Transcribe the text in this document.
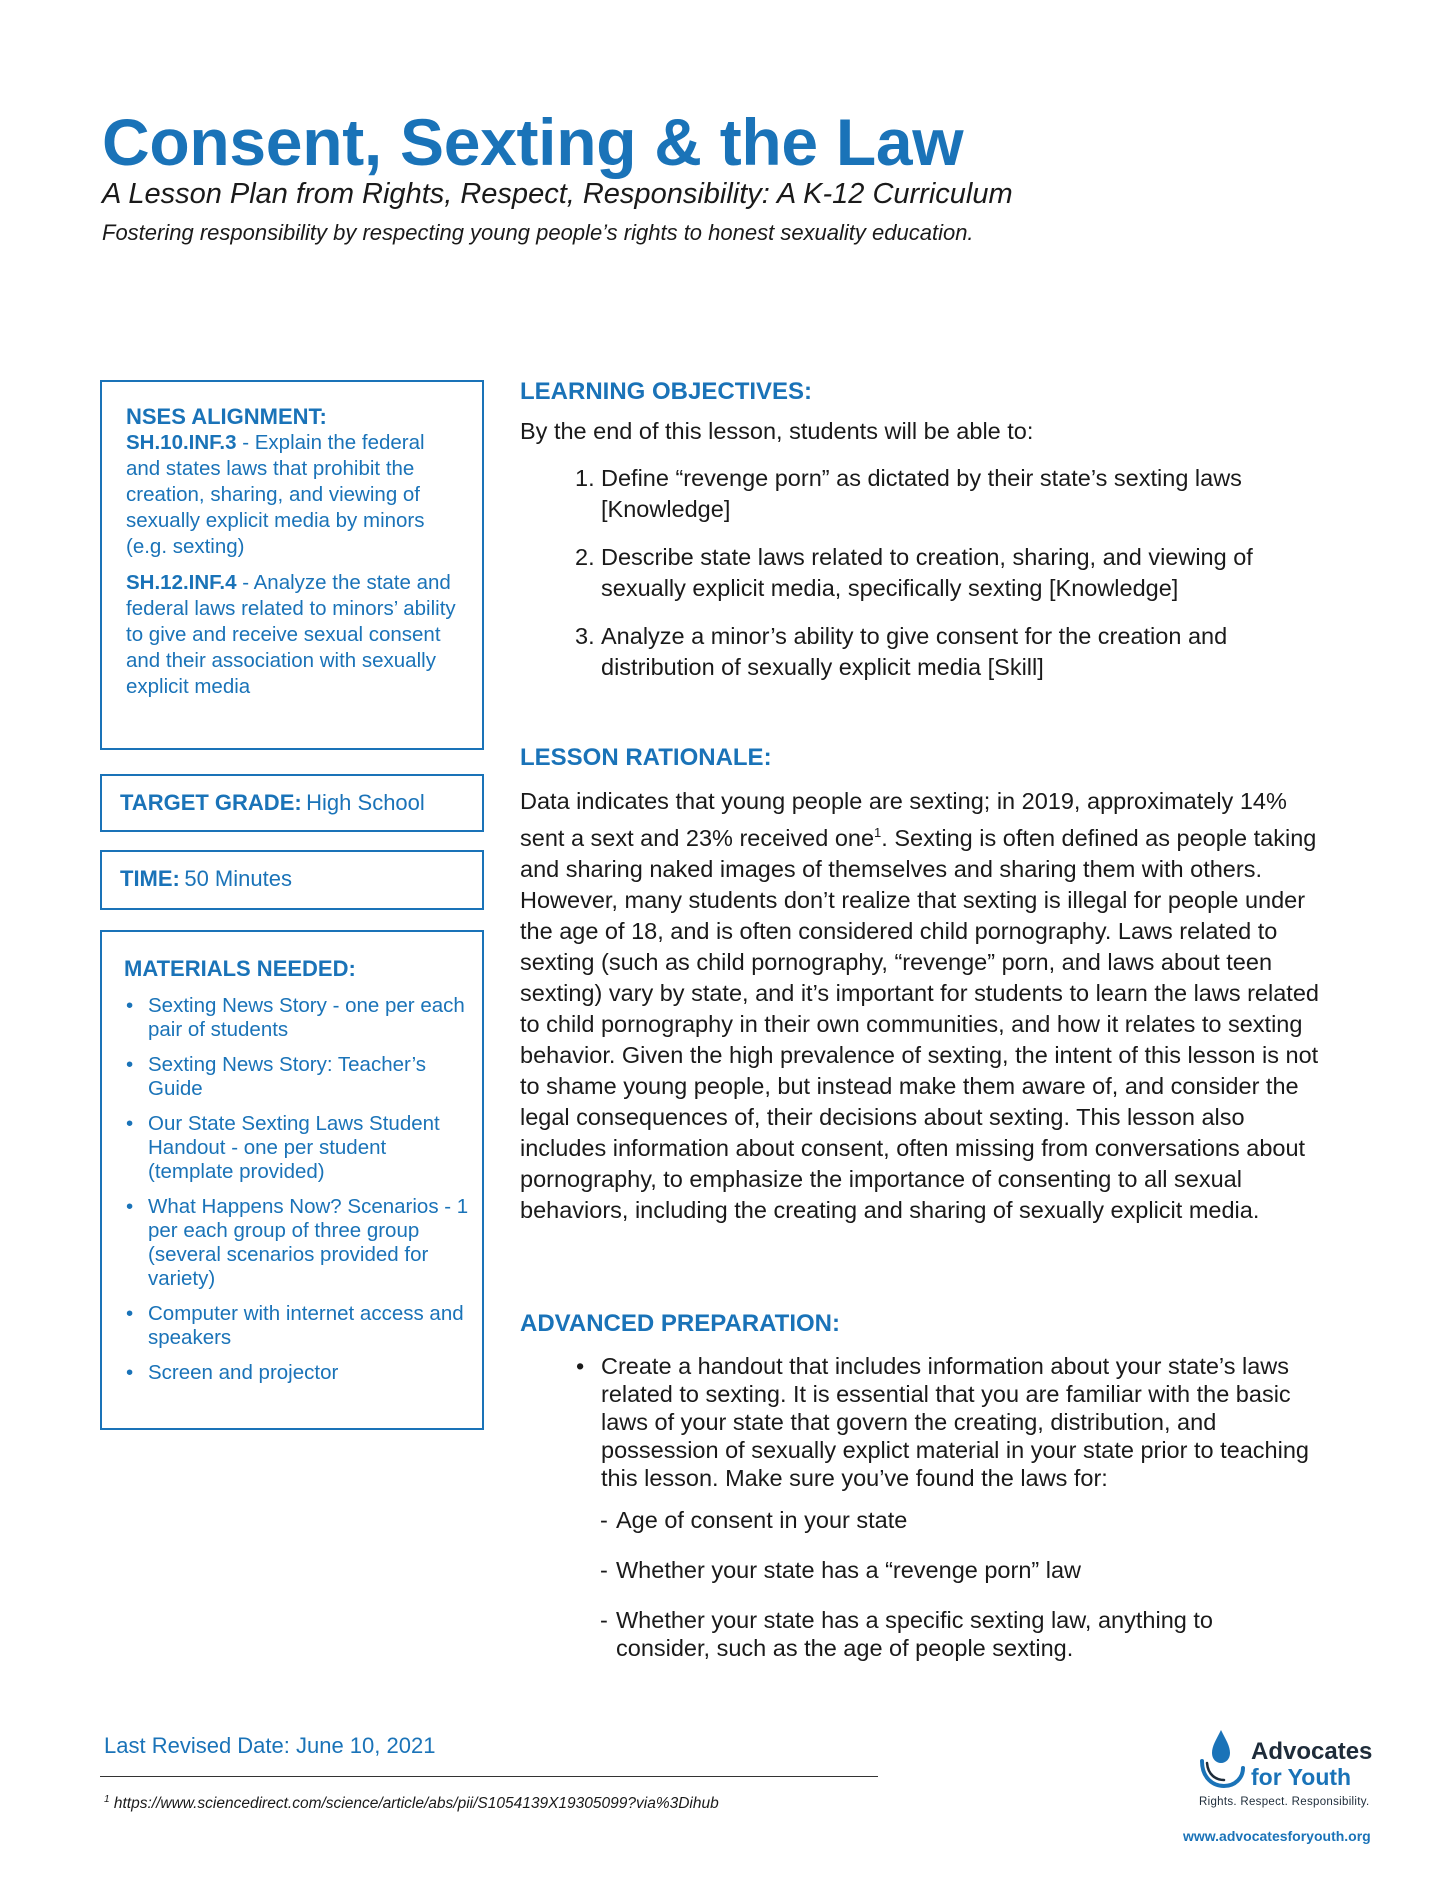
Consent, Sexting & the Law
A Lesson Plan from Rights, Respect, Responsibility: A K-12 Curriculum
Fostering responsibility by respecting young people’s rights to honest sexuality education.
NSES ALIGNMENT:

SH.10.INF.3 - Explain the federal and states laws that prohibit the creation, sharing, and viewing of sexually explicit media by minors (e.g. sexting)

SH.12.INF.4 - Analyze the state and federal laws related to minors’ ability to give and receive sexual consent and their association with sexually explicit media

TARGET GRADE: High School
TIME: 50 Minutes
MATERIALS NEEDED:
• Sexting News Story - one per each pair of students
• Sexting News Story: Teacher’s Guide
• Our State Sexting Laws Student Handout - one per student (template provided)
• What Happens Now? Scenarios - 1 per each group of three group (several scenarios provided for variety)
• Computer with internet access and speakers
• Screen and projector
LEARNING OBJECTIVES:
By the end of this lesson, students will be able to:
1. Define “revenge porn” as dictated by their state’s sexting laws [Knowledge]
2. Describe state laws related to creation, sharing, and viewing of sexually explicit media, specifically sexting [Knowledge]
3. Analyze a minor’s ability to give consent for the creation and distribution of sexually explicit media [Skill]
LESSON RATIONALE:

Data indicates that young people are sexting; in 2019, approximately 14% sent a sext and 23% received one$^1$. Sexting is often defined as people taking and sharing naked images of themselves and sharing them with others. However, many students don’t realize that sexting is illegal for people under the age of 18, and is often considered child pornography. Laws related to sexting (such as child pornography, “revenge” porn, and laws about teen sexting) vary by state, and it’s important for students to learn the laws related to child pornography in their own communities, and how it relates to sexting behavior. Given the high prevalence of sexting, the intent of this lesson is not to shame young people, but instead make them aware of, and consider the legal consequences of, their decisions about sexting. This lesson also includes information about consent, often missing from conversations about pornography, to emphasize the importance of consenting to all sexual behaviors, including the creating and sharing of sexually explicit media.

ADVANCED PREPARATION:
• Create a handout that includes information about your state’s laws related to sexting. It is essential that you are familiar with the basic laws of your state that govern the creating, distribution, and possession of sexually explict material in your state prior to teaching this lesson. Make sure you’ve found the laws for:
- Age of consent in your state
- Whether your state has a “revenge porn” law
- Whether your state has a specific sexting law, anything to consider, such as the age of people sexting.
Last Revised Date: June 10, 2021
$^1$ https://www.sciencedirect.com/science/article/abs/pii/S1054139X19305099?via%3Dihub
Advocates
for Youth
Rights. Respect. Responsibility.
www.advocatesforyouth.org
